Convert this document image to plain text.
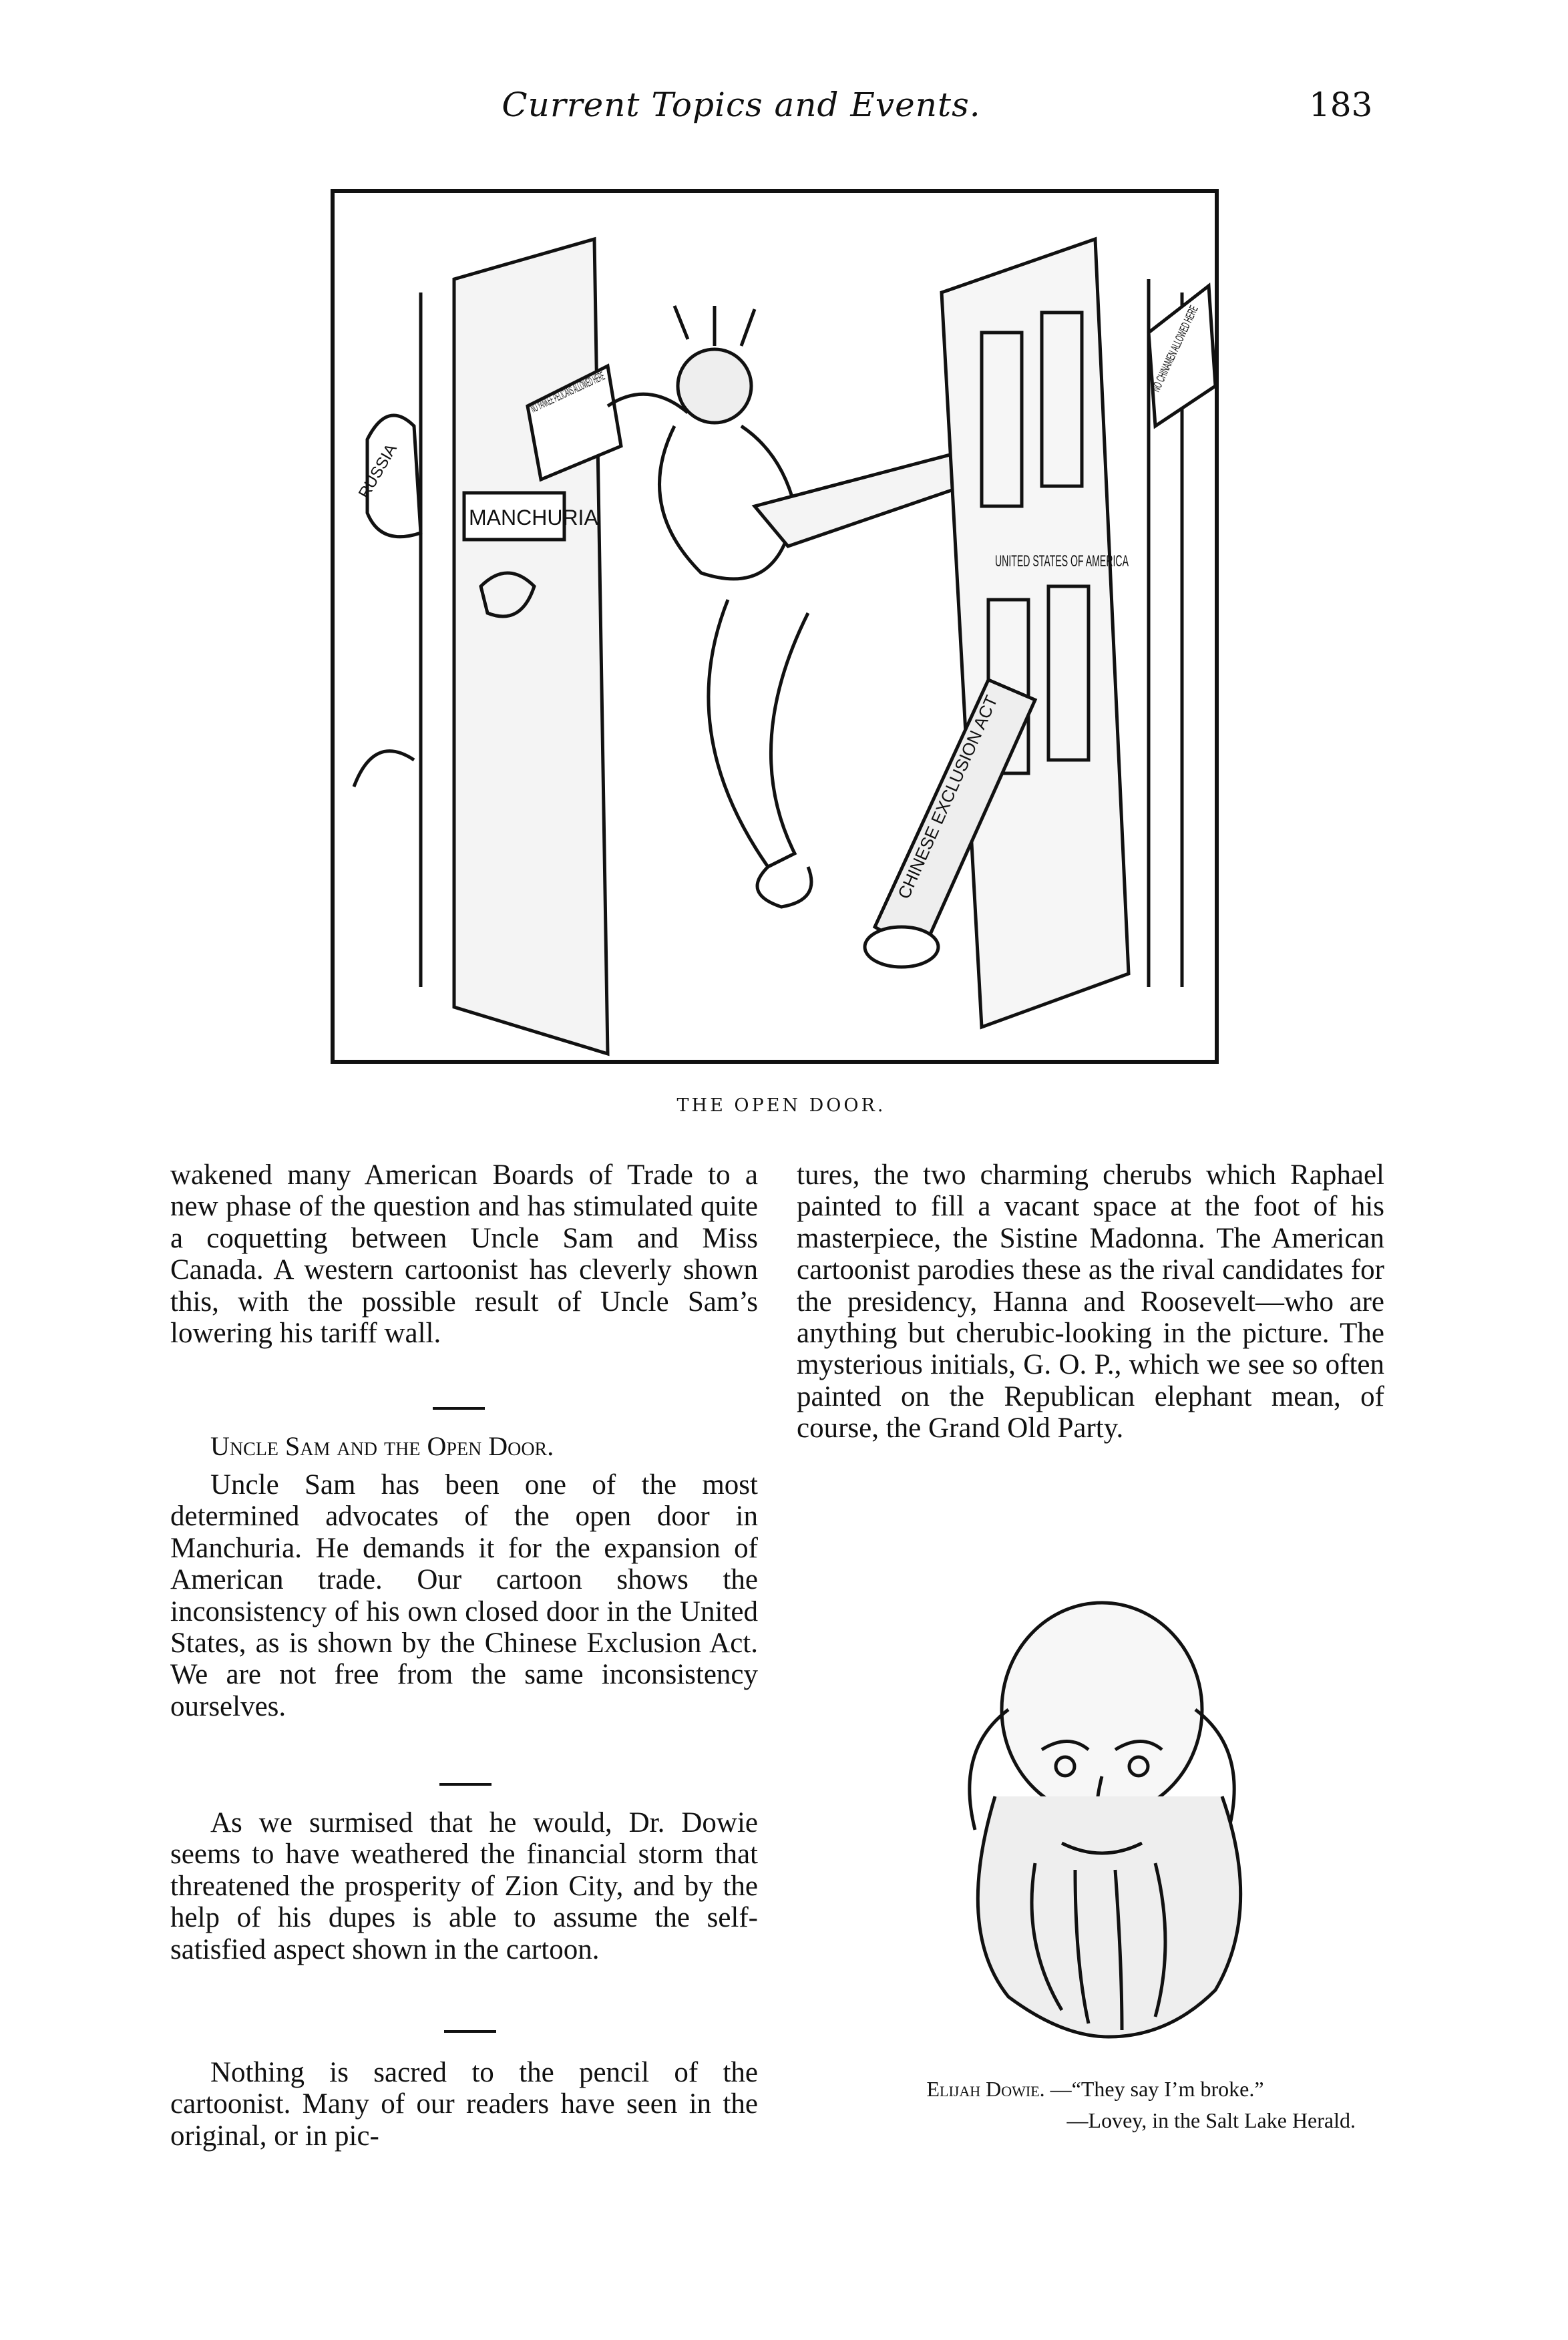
Current Topics and Events.	183
MANCHURIA
RUSSIA
UNITED STATES OF AMERICA
CHINESE EXCLUSION ACT
NO CHINAMEN ALLOWED HERE
THE OPEN DOOR.

wakened many American Boards of Trade to a new phase of the question and has stimulated quite a coquetting between Uncle Sam and Miss Canada. A western cartoonist has cleverly shown this, with the possible result of Uncle Sam’s lowering his tariff wall.

Uncle Sam and the Open Door.

Uncle Sam has been one of the most determined advocates of the open door in Manchuria. He demands it for the expansion of American trade. Our cartoon shows the inconsistency of his own closed door in the United States, as is shown by the Chinese Exclusion Act. We are not free from the same inconsistency ourselves.

As we surmised that he would, Dr. Dowie seems to have weathered the financial storm that threatened the prosperity of Zion City, and by the help of his dupes is able to assume the self-satisfied aspect shown in the cartoon.

Nothing is sacred to the pencil of the cartoonist. Many of our readers have seen in the original, or in pic-

tures, the two charming cherubs which Raphael painted to fill a vacant space at the foot of his masterpiece, the Sistine Madonna. The American cartoonist parodies these as the rival candidates for the presidency, Hanna and Roosevelt—who are anything but cherubic-looking in the picture. The mysterious initials, G. O. P., which we see so often painted on the Republican elephant mean, of course, the Grand Old Party.

Elijah Dowie. —“They say I’m broke.”
—Lovey, in the Salt Lake Herald.
